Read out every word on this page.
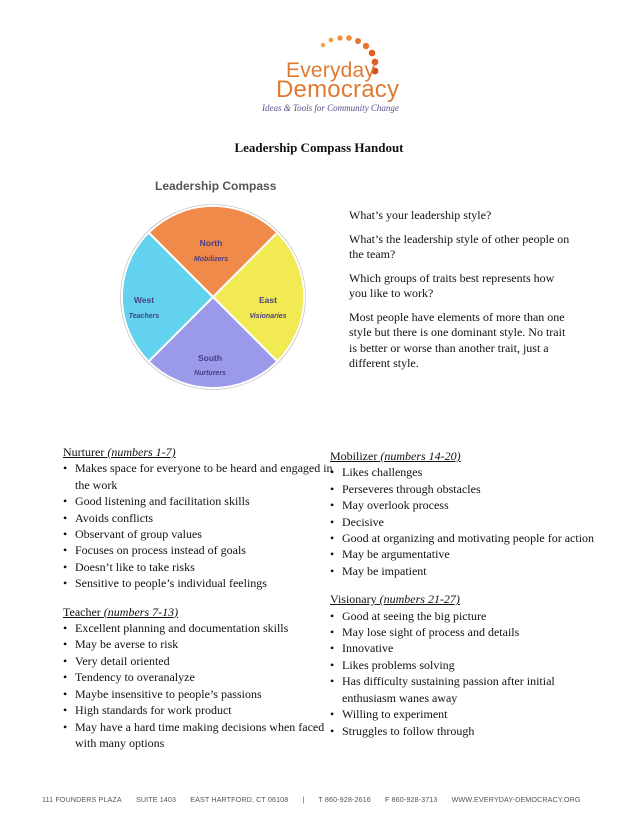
Everyday
Democracy
Ideas & Tools for Community Change
Leadership Compass Handout
Leadership Compass
North
Mobilizers
West
Teachers
East
Visionaries
South
Nurturers

What’s your leadership style?

What’s the leadership style of other people on the team?

Which groups of traits best represents how you like to work?

Most people have elements of more than one style but there is one dominant style. No trait is better or worse than another trait, just a different style.

Nurturer (numbers 1-7)
• Makes space for everyone to be heard and engaged in the work
• Good listening and facilitation skills
• Avoids conflicts
• Observant of group values
• Focuses on process instead of goals
• Doesn’t like to take risks
• Sensitive to people’s individual feelings
Teacher (numbers 7-13)
• Excellent planning and documentation skills
• May be averse to risk
• Very detail oriented
• Tendency to overanalyze
• Maybe insensitive to people’s passions
• High standards for work product
• May have a hard time making decisions when faced with many options
Mobilizer (numbers 14-20)
• Likes challenges
• Perseveres through obstacles
• May overlook process
• Decisive
• Good at organizing and motivating people for action
• May be argumentative
• May be impatient
Visionary (numbers 21-27)
• Good at seeing the big picture
• May lose sight of process and details
• Innovative
• Likes problems solving
• Has difficulty sustaining passion after initial enthusiasm wanes away
• Willing to experiment
• Struggles to follow through
111 FOUNDERS PLAZA SUITE 1403 EAST HARTFORD, CT 06108 | T 860-928-2616 F 860-928-3713 WWW.EVERYDAY-DEMOCRACY.ORG
